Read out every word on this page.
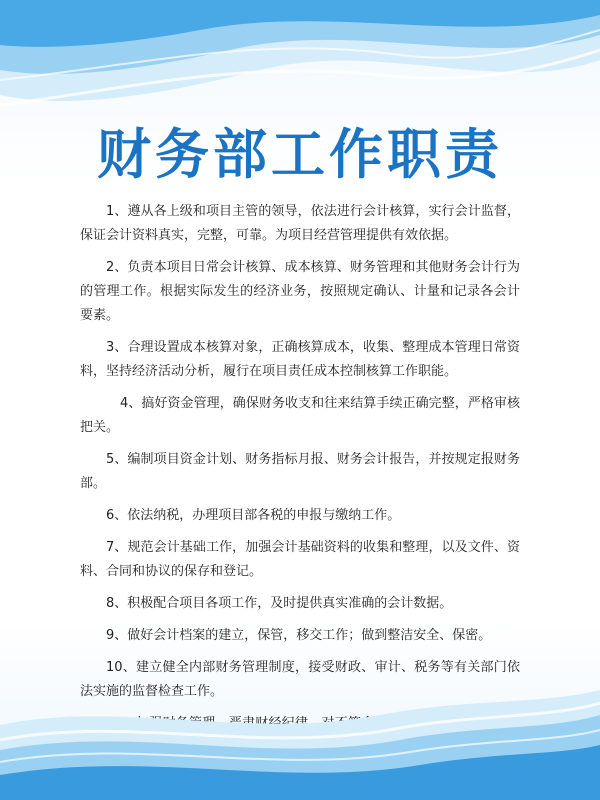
财务部工作职责
1、遵从各上级和项目主管的领导，依法进行会计核算，实行会计监督，保证会计资料真实，完整，可靠。为项目经营管理提供有效依据。
2、负责本项目日常会计核算、成本核算、财务管理和其他财务会计行为的管理工作。根据实际发生的经济业务，按照规定确认、计量和记录各会计要素。
3、合理设置成本核算对象，正确核算成本，收集、整理成本管理日常资料，坚持经济活动分析，履行在项目责任成本控制核算工作职能。
4、搞好资金管理，确保财务收支和往来结算手续正确完整，严格审核把关。
5、编制项目资金计划、财务指标月报、财务会计报告，并按规定报财务部。
6、依法纳税，办理项目部各税的申报与缴纳工作。
7、规范会计基础工作，加强会计基础资料的收集和整理，以及文件、资料、合同和协议的保存和登记。
8、积极配合项目各项工作，及时提供真实准确的会计数据。
9、做好会计档案的建立，保管，移交工作；做到整洁安全、保密。
10、建立健全内部财务管理制度，接受财政、审计、税务等有关部门依法实施的监督检查工作。
